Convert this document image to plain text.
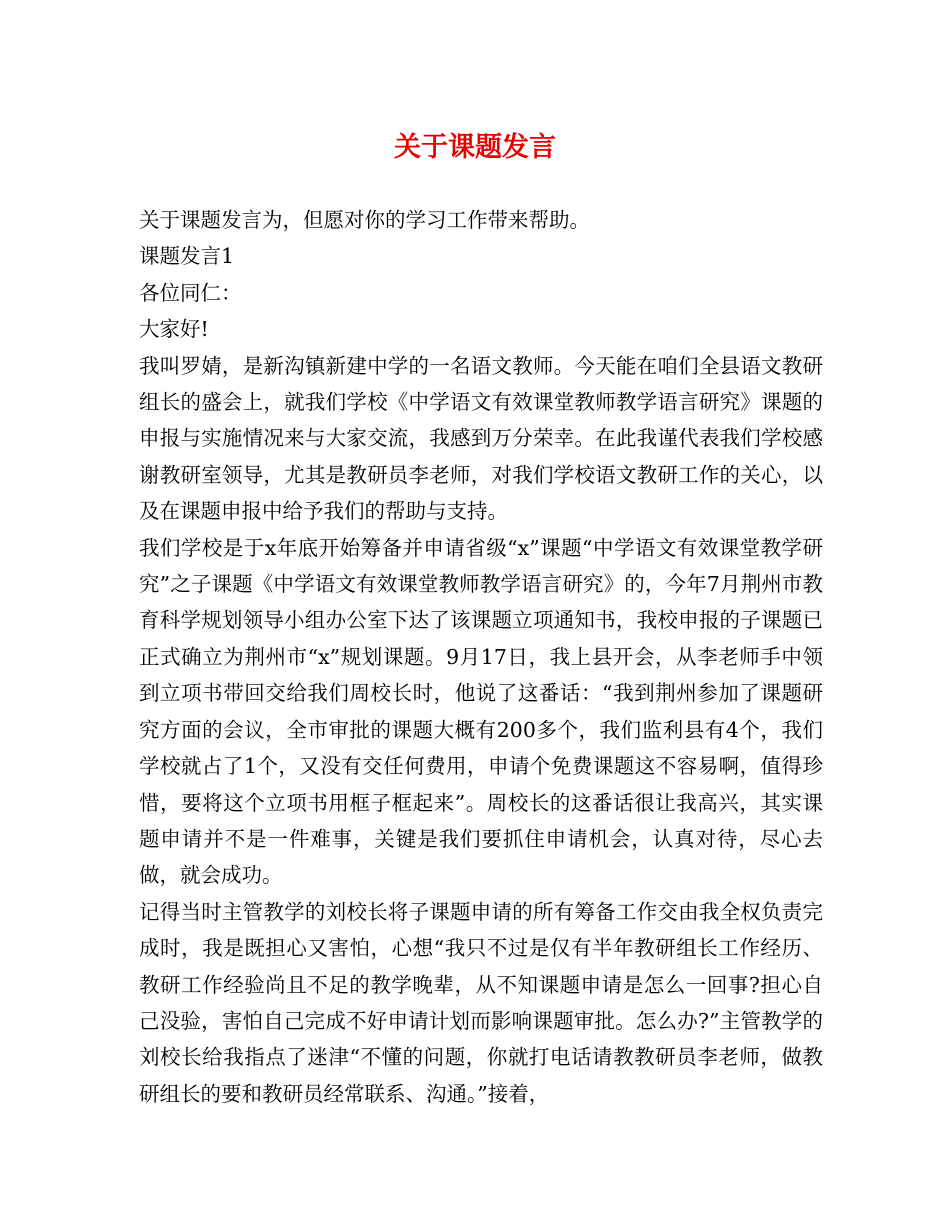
关于课题发言

关于课题发言为，但愿对你的学习工作带来帮助。

课题发言1

各位同仁：

大家好!

我叫罗婧，是新沟镇新建中学的一名语文教师。今天能在咱们全县语文教研组长的盛会上，就我们学校《中学语文有效课堂教师教学语言研究》课题的申报与实施情况来与大家交流，我感到万分荣幸。在此我谨代表我们学校感谢教研室领导，尤其是教研员李老师，对我们学校语文教研工作的关心，以及在课题申报中给予我们的帮助与支持。

我们学校是于x年底开始筹备并申请省级“x”课题“中学语文有效课堂教学研究”之子课题《中学语文有效课堂教师教学语言研究》的，今年7月荆州市教育科学规划领导小组办公室下达了该课题立项通知书，我校申报的子课题已正式确立为荆州市“x”规划课题。9月17日，我上县开会，从李老师手中领到立项书带回交给我们周校长时，他说了这番话：“我到荆州参加了课题研究方面的会议，全市审批的课题大概有200多个，我们监利县有4个，我们学校就占了1个，又没有交任何费用，申请个免费课题这不容易啊，值得珍惜，要将这个立项书用框子框起来”。周校长的这番话很让我高兴，其实课题申请并不是一件难事，关键是我们要抓住申请机会，认真对待，尽心去做，就会成功。

记得当时主管教学的刘校长将子课题申请的所有筹备工作交由我全权负责完成时，我是既担心又害怕，心想“我只不过是仅有半年教研组长工作经历、教研工作经验尚且不足的教学晚辈，从不知课题申请是怎么一回事?担心自己没验，害怕自己完成不好申请计划而影响课题审批。怎么办?”主管教学的刘校长给我指点了迷津“不懂的问题，你就打电话请教教研员李老师，做教研组长的要和教研员经常联系、沟通。”接着，
